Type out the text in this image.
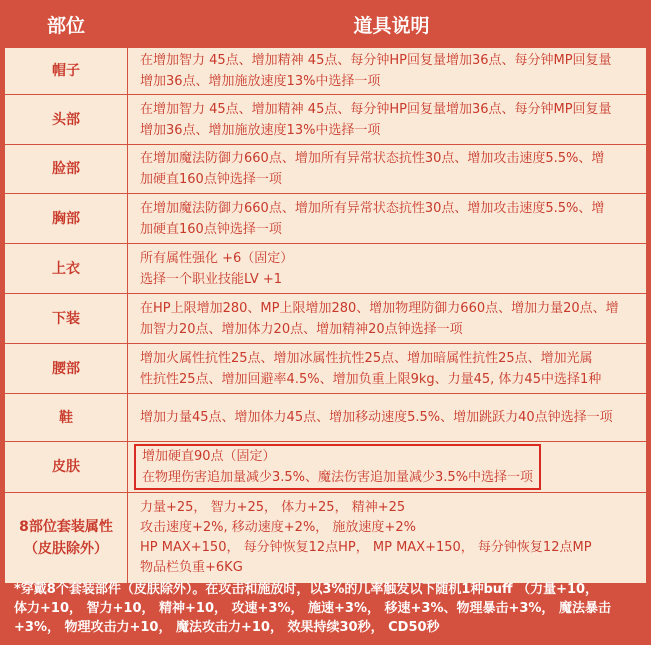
部位	道具说明
帽子
在增加智力 45点、增加精神 45点、每分钟HP回复量增加36点、每分钟MP回复量
增加36点、增加施放速度13%中选择一项
头部
在增加智力 45点、增加精神 45点、每分钟HP回复量增加36点、每分钟MP回复量
增加36点、增加施放速度13%中选择一项
脸部
在增加魔法防御力660点、增加所有异常状态抗性30点、增加攻击速度5.5%、增
加硬直160点钟选择一项
胸部
在增加魔法防御力660点、增加所有异常状态抗性30点、增加攻击速度5.5%、增
加硬直160点钟选择一项
上衣
所有属性强化 +6（固定）
选择一个职业技能LV +1
下装
在HP上限增加280、MP上限增加280、增加物理防御力660点、增加力量20点、增
加智力20点、增加体力20点、增加精神20点钟选择一项
腰部
增加火属性抗性25点、增加冰属性抗性25点、增加暗属性抗性25点、增加光属
性抗性25点、增加回避率4.5%、增加负重上限9kg、力量45, 体力45中选择1种
鞋	增加力量45点、增加体力45点、增加移动速度5.5%、增加跳跃力40点钟选择一项
皮肤
增加硬直90点（固定）
在物理伤害追加量减少3.5%、魔法伤害追加量减少3.5%中选择一项
8部位套装属性
（皮肤除外）
力量+25， 智力+25， 体力+25， 精神+25
攻击速度+2%, 移动速度+2%， 施放速度+2%
HP MAX+150， 每分钟恢复12点HP， MP MAX+150， 每分钟恢复12点MP
物品栏负重+6KG
*穿戴8个套装部件（皮肤除外）。在攻击和施放时，以3%的几率触发以下随机1种buff （力量+10，
体力+10， 智力+10， 精神+10， 攻速+3%， 施速+3%， 移速+3%、物理暴击+3%， 魔法暴击
+3%， 物理攻击力+10， 魔法攻击力+10， 效果持续30秒， CD50秒
